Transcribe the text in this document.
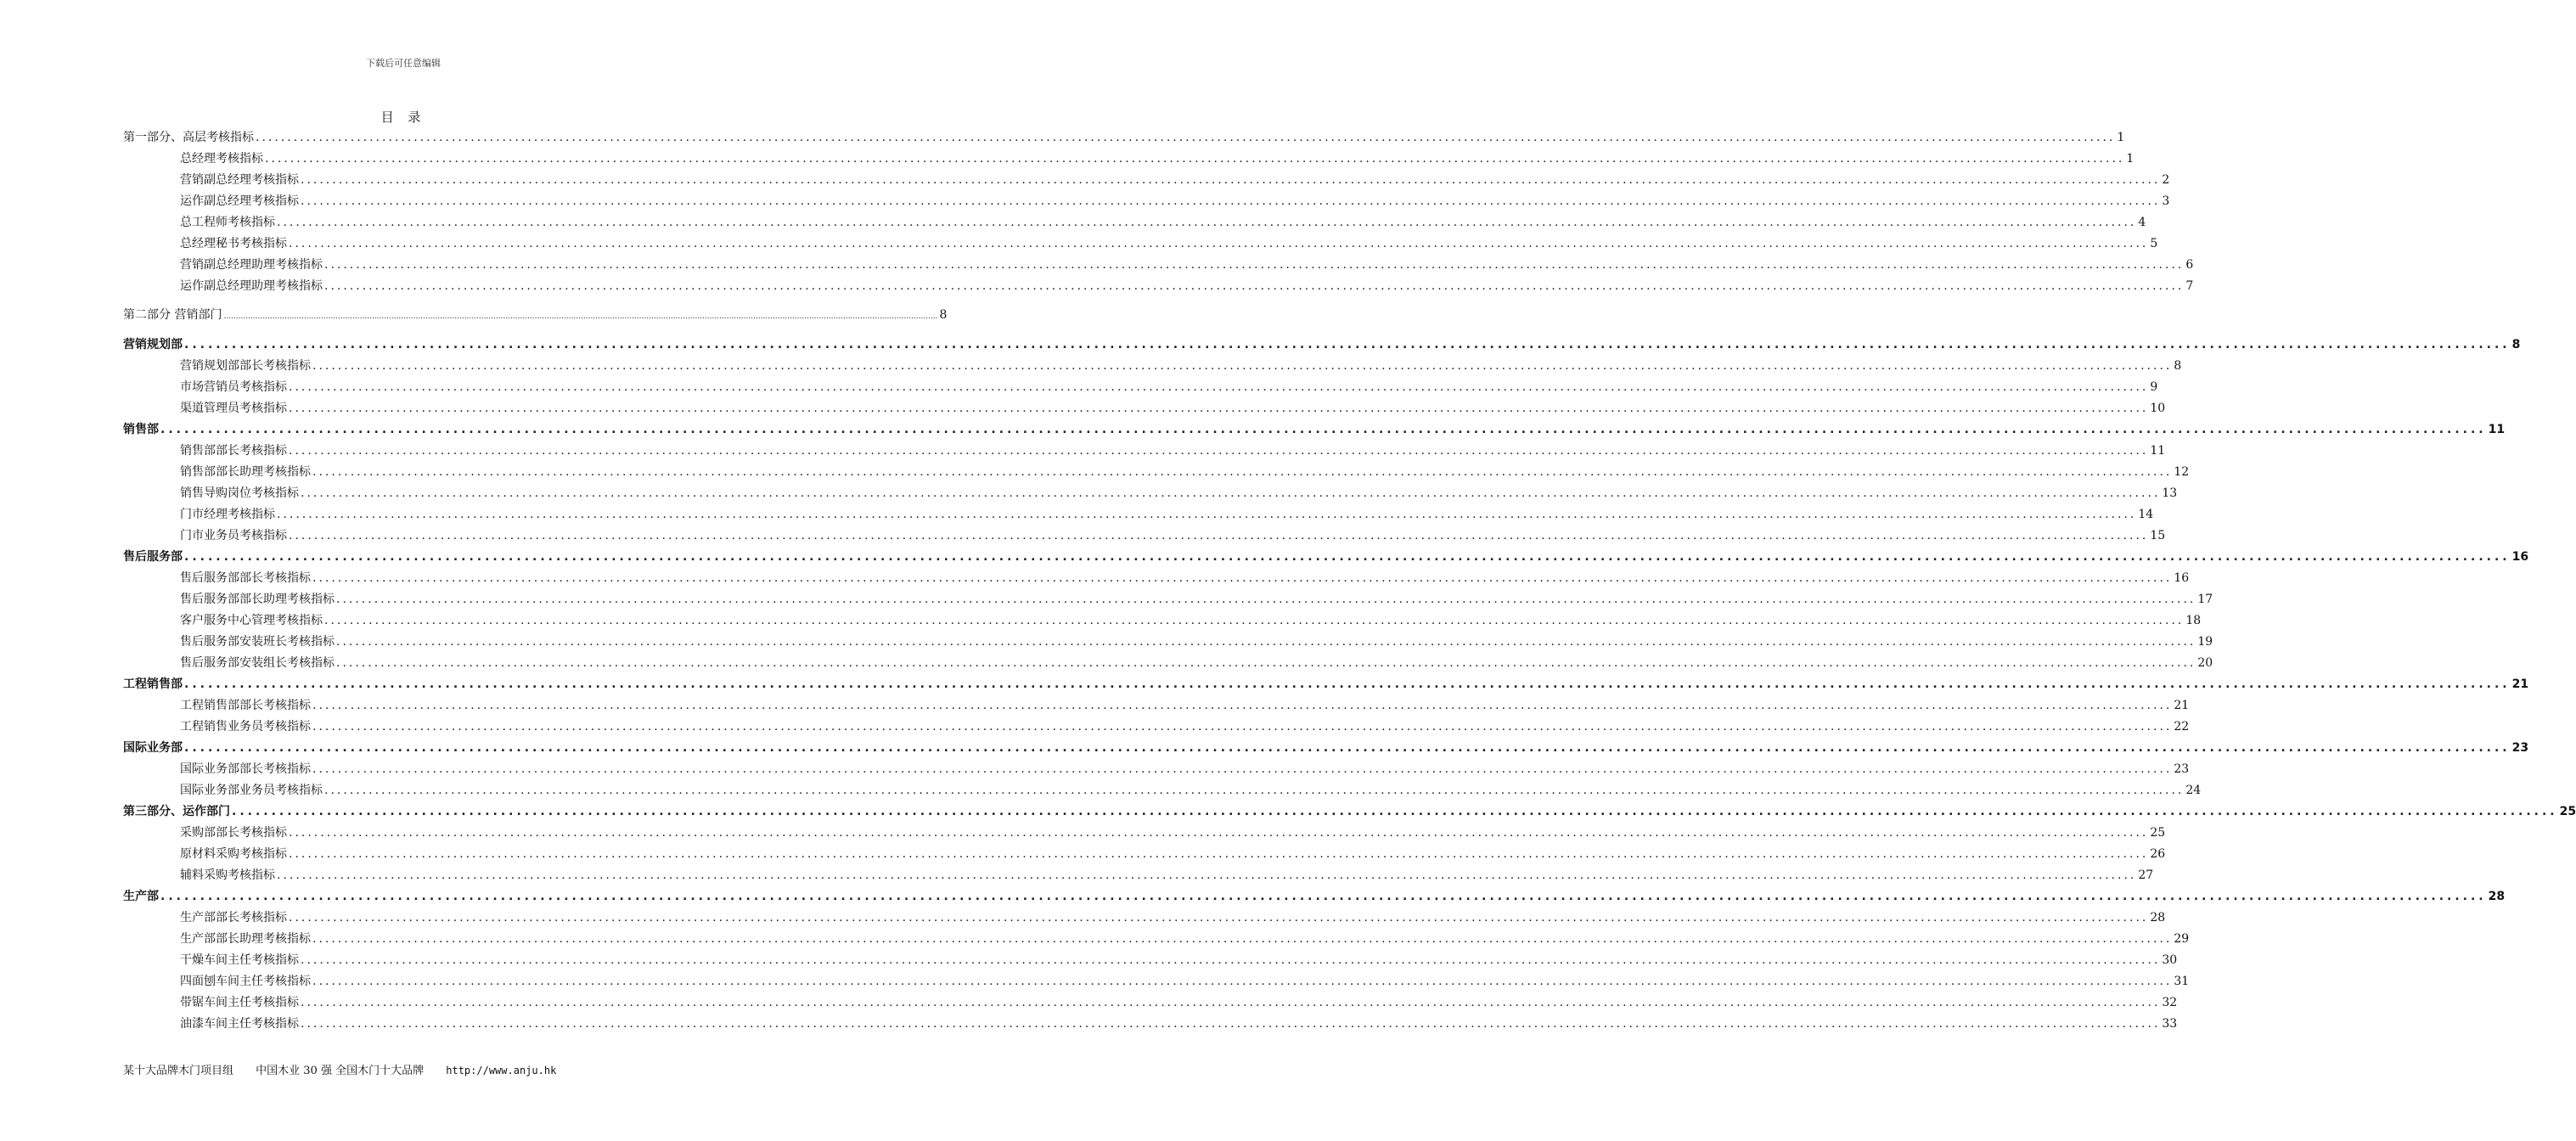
下载后可任意编辑
目 录
第一部分、高层考核指标 ...................................................................................................................................................................................................................................................................................................... 1
总经理考核指标 ...................................................................................................................................................................................................................................................................................................... 1
营销副总经理考核指标 ...................................................................................................................................................................................................................................................................................................... 2
运作副总经理考核指标 ...................................................................................................................................................................................................................................................................................................... 3
总工程师考核指标 ...................................................................................................................................................................................................................................................................................................... 4
总经理秘书考核指标 ...................................................................................................................................................................................................................................................................................................... 5
营销副总经理助理考核指标 ...................................................................................................................................................................................................................................................................................................... 6
运作副总经理助理考核指标 ...................................................................................................................................................................................................................................................................................................... 7
第二部分 营销部门 ...................................................................................................................................................................................................................................................................................................... 8
营销规划部 ...................................................................................................................................................................................................................................................................................................... 8
营销规划部部长考核指标 ...................................................................................................................................................................................................................................................................................................... 8
市场营销员考核指标 ...................................................................................................................................................................................................................................................................................................... 9
渠道管理员考核指标 ...................................................................................................................................................................................................................................................................................................... 10
销售部 ...................................................................................................................................................................................................................................................................................................... 11
销售部部长考核指标 ...................................................................................................................................................................................................................................................................................................... 11
销售部部长助理考核指标 ...................................................................................................................................................................................................................................................................................................... 12
销售导购岗位考核指标 ...................................................................................................................................................................................................................................................................................................... 13
门市经理考核指标 ...................................................................................................................................................................................................................................................................................................... 14
门市业务员考核指标 ...................................................................................................................................................................................................................................................................................................... 15
售后服务部 ...................................................................................................................................................................................................................................................................................................... 16
售后服务部部长考核指标 ...................................................................................................................................................................................................................................................................................................... 16
售后服务部部长助理考核指标 ...................................................................................................................................................................................................................................................................................................... 17
客户服务中心管理考核指标 ...................................................................................................................................................................................................................................................................................................... 18
售后服务部安装班长考核指标 ...................................................................................................................................................................................................................................................................................................... 19
售后服务部安装组长考核指标 ...................................................................................................................................................................................................................................................................................................... 20
工程销售部 ...................................................................................................................................................................................................................................................................................................... 21
工程销售部部长考核指标 ...................................................................................................................................................................................................................................................................................................... 21
工程销售业务员考核指标 ...................................................................................................................................................................................................................................................................................................... 22
国际业务部 ...................................................................................................................................................................................................................................................................................................... 23
国际业务部部长考核指标 ...................................................................................................................................................................................................................................................................................................... 23
国际业务部业务员考核指标 ...................................................................................................................................................................................................................................................................................................... 24
第三部分、运作部门 ...................................................................................................................................................................................................................................................................................................... 25
采购部部长考核指标 ...................................................................................................................................................................................................................................................................................................... 25
原材料采购考核指标 ...................................................................................................................................................................................................................................................................................................... 26
辅料采购考核指标 ...................................................................................................................................................................................................................................................................................................... 27
生产部 ...................................................................................................................................................................................................................................................................................................... 28
生产部部长考核指标 ...................................................................................................................................................................................................................................................................................................... 28
生产部部长助理考核指标 ...................................................................................................................................................................................................................................................................................................... 29
干燥车间主任考核指标 ...................................................................................................................................................................................................................................................................................................... 30
四面刨车间主任考核指标 ...................................................................................................................................................................................................................................................................................................... 31
带锯车间主任考核指标 ...................................................................................................................................................................................................................................................................................................... 32
油漆车间主任考核指标 ...................................................................................................................................................................................................................................................................................................... 33
某十大品牌木门项目组 中国木业 30 强 全国木门十大品牌 http://www.anju.hk
